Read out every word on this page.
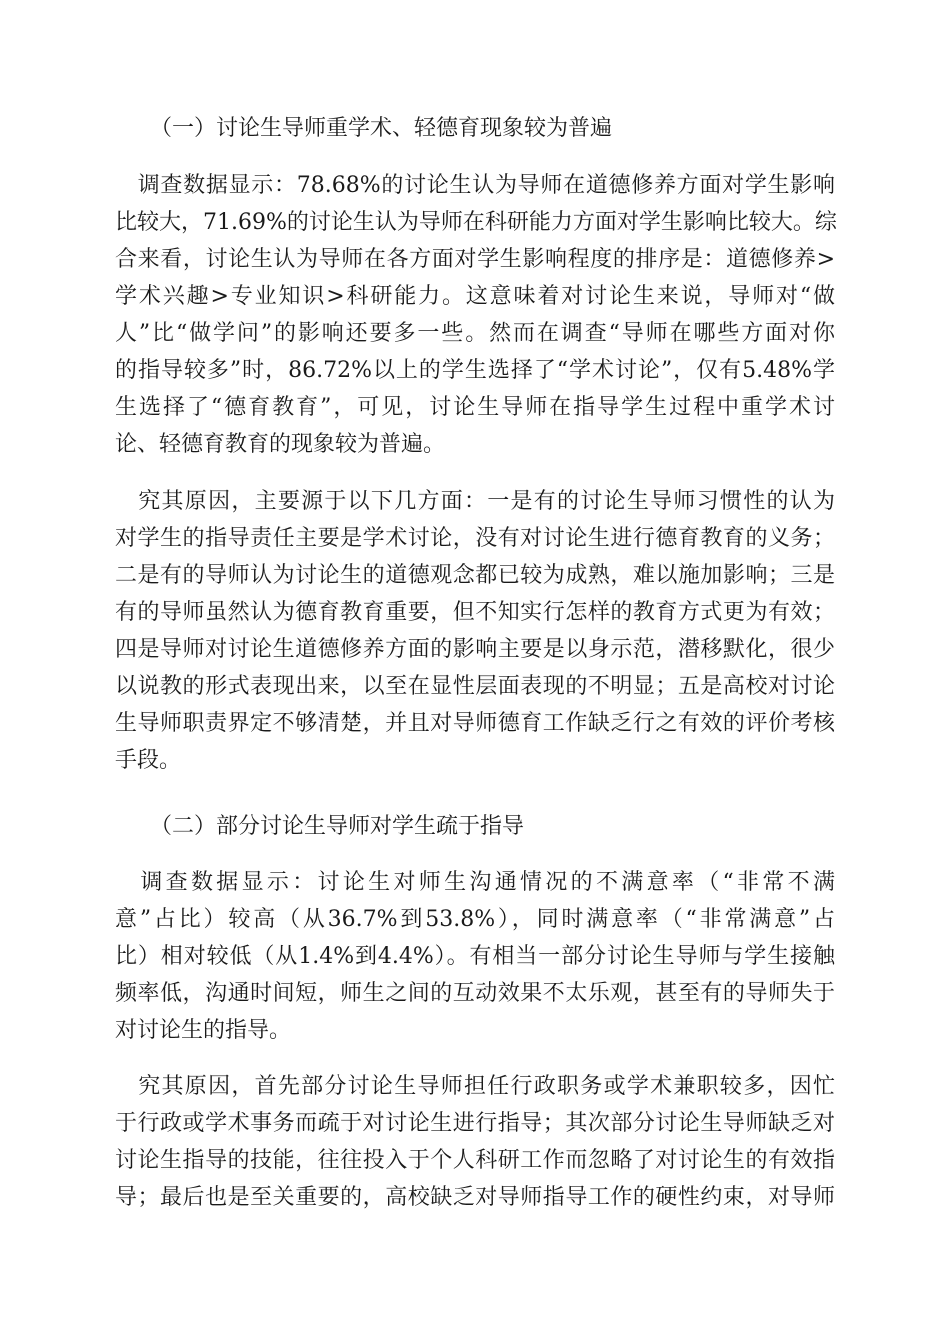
（一）讨论生导师重学术、轻德育现象较为普遍
　调查数据显示：78.68%的讨论生认为导师在道德修养方面对学生影响
比较大，71.69%的讨论生认为导师在科研能力方面对学生影响比较大。综
合来看，讨论生认为导师在各方面对学生影响程度的排序是：道德修养>
学术兴趣>专业知识>科研能力。这意味着对讨论生来说，导师对“做
人”比“做学问”的影响还要多一些。然而在调查“导师在哪些方面对你
的指导较多”时，86.72%以上的学生选择了“学术讨论”，仅有5.48%学
生选择了“德育教育”，可见，讨论生导师在指导学生过程中重学术讨
论、轻德育教育的现象较为普遍。
　究其原因，主要源于以下几方面：一是有的讨论生导师习惯性的认为
对学生的指导责任主要是学术讨论，没有对讨论生进行德育教育的义务；
二是有的导师认为讨论生的道德观念都已较为成熟，难以施加影响；三是
有的导师虽然认为德育教育重要，但不知实行怎样的教育方式更为有效；
四是导师对讨论生道德修养方面的影响主要是以身示范，潜移默化，很少
以说教的形式表现出来，以至在显性层面表现的不明显；五是高校对讨论
生导师职责界定不够清楚，并且对导师德育工作缺乏行之有效的评价考核
手段。
（二）部分讨论生导师对学生疏于指导
　调查数据显示：讨论生对师生沟通情况的不满意率（“非常不满
意”占比）较高（从36.7%到53.8%），同时满意率（“非常满意”占
比）相对较低（从1.4%到4.4%）。有相当一部分讨论生导师与学生接触
频率低，沟通时间短，师生之间的互动效果不太乐观，甚至有的导师失于
对讨论生的指导。
　究其原因，首先部分讨论生导师担任行政职务或学术兼职较多，因忙
于行政或学术事务而疏于对讨论生进行指导；其次部分讨论生导师缺乏对
讨论生指导的技能，往往投入于个人科研工作而忽略了对讨论生的有效指
导；最后也是至关重要的，高校缺乏对导师指导工作的硬性约束，对导师
